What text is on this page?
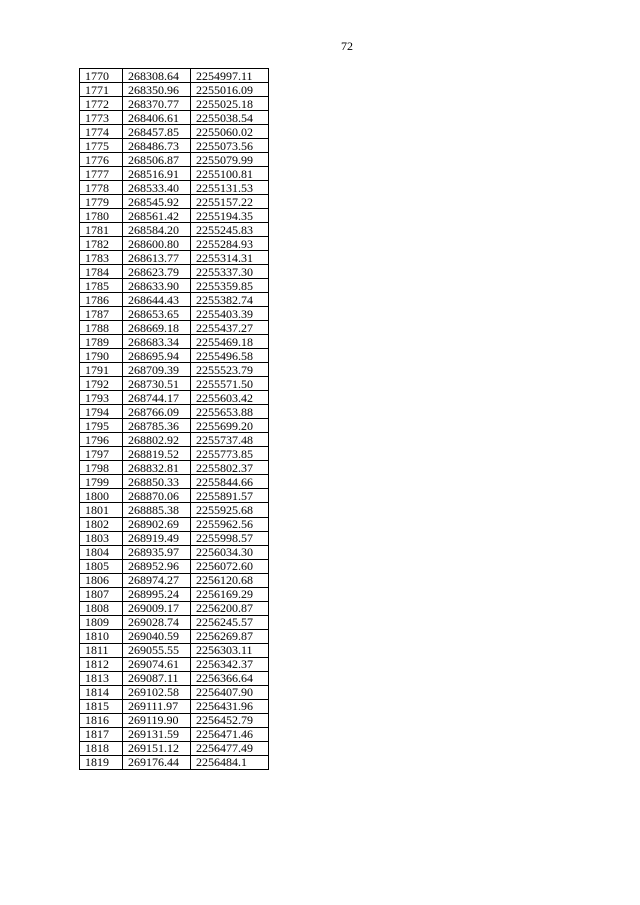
72
1770	268308.64	2254997.11
1771	268350.96	2255016.09
1772	268370.77	2255025.18
1773	268406.61	2255038.54
1774	268457.85	2255060.02
1775	268486.73	2255073.56
1776	268506.87	2255079.99
1777	268516.91	2255100.81
1778	268533.40	2255131.53
1779	268545.92	2255157.22
1780	268561.42	2255194.35
1781	268584.20	2255245.83
1782	268600.80	2255284.93
1783	268613.77	2255314.31
1784	268623.79	2255337.30
1785	268633.90	2255359.85
1786	268644.43	2255382.74
1787	268653.65	2255403.39
1788	268669.18	2255437.27
1789	268683.34	2255469.18
1790	268695.94	2255496.58
1791	268709.39	2255523.79
1792	268730.51	2255571.50
1793	268744.17	2255603.42
1794	268766.09	2255653.88
1795	268785.36	2255699.20
1796	268802.92	2255737.48
1797	268819.52	2255773.85
1798	268832.81	2255802.37
1799	268850.33	2255844.66
1800	268870.06	2255891.57
1801	268885.38	2255925.68
1802	268902.69	2255962.56
1803	268919.49	2255998.57
1804	268935.97	2256034.30
1805	268952.96	2256072.60
1806	268974.27	2256120.68
1807	268995.24	2256169.29
1808	269009.17	2256200.87
1809	269028.74	2256245.57
1810	269040.59	2256269.87
1811	269055.55	2256303.11
1812	269074.61	2256342.37
1813	269087.11	2256366.64
1814	269102.58	2256407.90
1815	269111.97	2256431.96
1816	269119.90	2256452.79
1817	269131.59	2256471.46
1818	269151.12	2256477.49
1819	269176.44	2256484.1
